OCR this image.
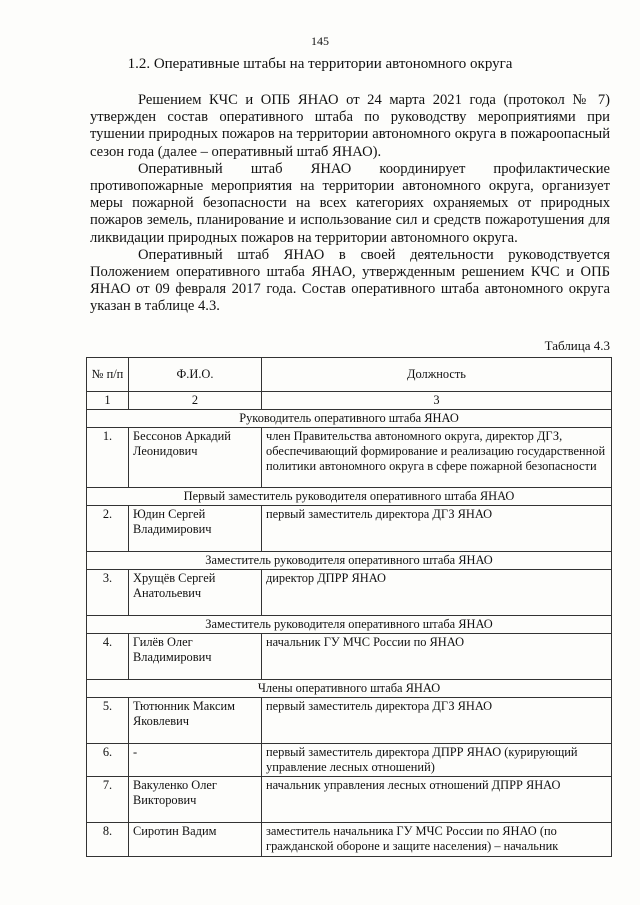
145
1.2. Оперативные штабы на территории автономного округа

Решением КЧС и ОПБ ЯНАО от 24 марта 2021 года (протокол № 7) утвержден состав оперативного штаба по руководству мероприятиями при тушении природных пожаров на территории автономного округа в пожароопасный сезон года (далее – оперативный штаб ЯНАО).

Оперативный штаб ЯНАО координирует профилактические противопожарные мероприятия на территории автономного округа, организует меры пожарной безопасности на всех категориях охраняемых от природных пожаров земель, планирование и использование сил и средств пожаротушения для ликвидации природных пожаров на территории автономного округа.

Оперативный штаб ЯНАО в своей деятельности руководствуется Положением оперативного штаба ЯНАО, утвержденным решением КЧС и ОПБ ЯНАО от 09 февраля 2017 года. Состав оперативного штаба автономного округа указан в таблице 4.3.

Таблица 4.3
№ п/п	Ф.И.О.	Должность
1	2	3
Руководитель оперативного штаба ЯНАО		
1.	Бессонов Аркадий Леонидович	член Правительства автономного округа, директор ДГЗ, обеспечивающий формирование и реализацию государственной политики автономного округа в сфере пожарной безопасности
Первый заместитель руководителя оперативного штаба ЯНАО		
2.	Юдин Сергей Владимирович	первый заместитель директора ДГЗ ЯНАО
Заместитель руководителя оперативного штаба ЯНАО		
3.	Хрущёв Сергей Анатольевич	директор ДПРР ЯНАО
Заместитель руководителя оперативного штаба ЯНАО		
4.	Гилёв Олег Владимирович	начальник ГУ МЧС России по ЯНАО
Члены оперативного штаба ЯНАО		
5.	Тютюнник Максим Яковлевич	первый заместитель директора ДГЗ ЯНАО
6.	-	первый заместитель директора ДПРР ЯНАО (курирующий управление лесных отношений)
7.	Вакуленко Олег Викторович	начальник управления лесных отношений ДПРР ЯНАО
8.	Сиротин Вадим	заместитель начальника ГУ МЧС России по ЯНАО (по гражданской обороне и защите населения) – начальник
